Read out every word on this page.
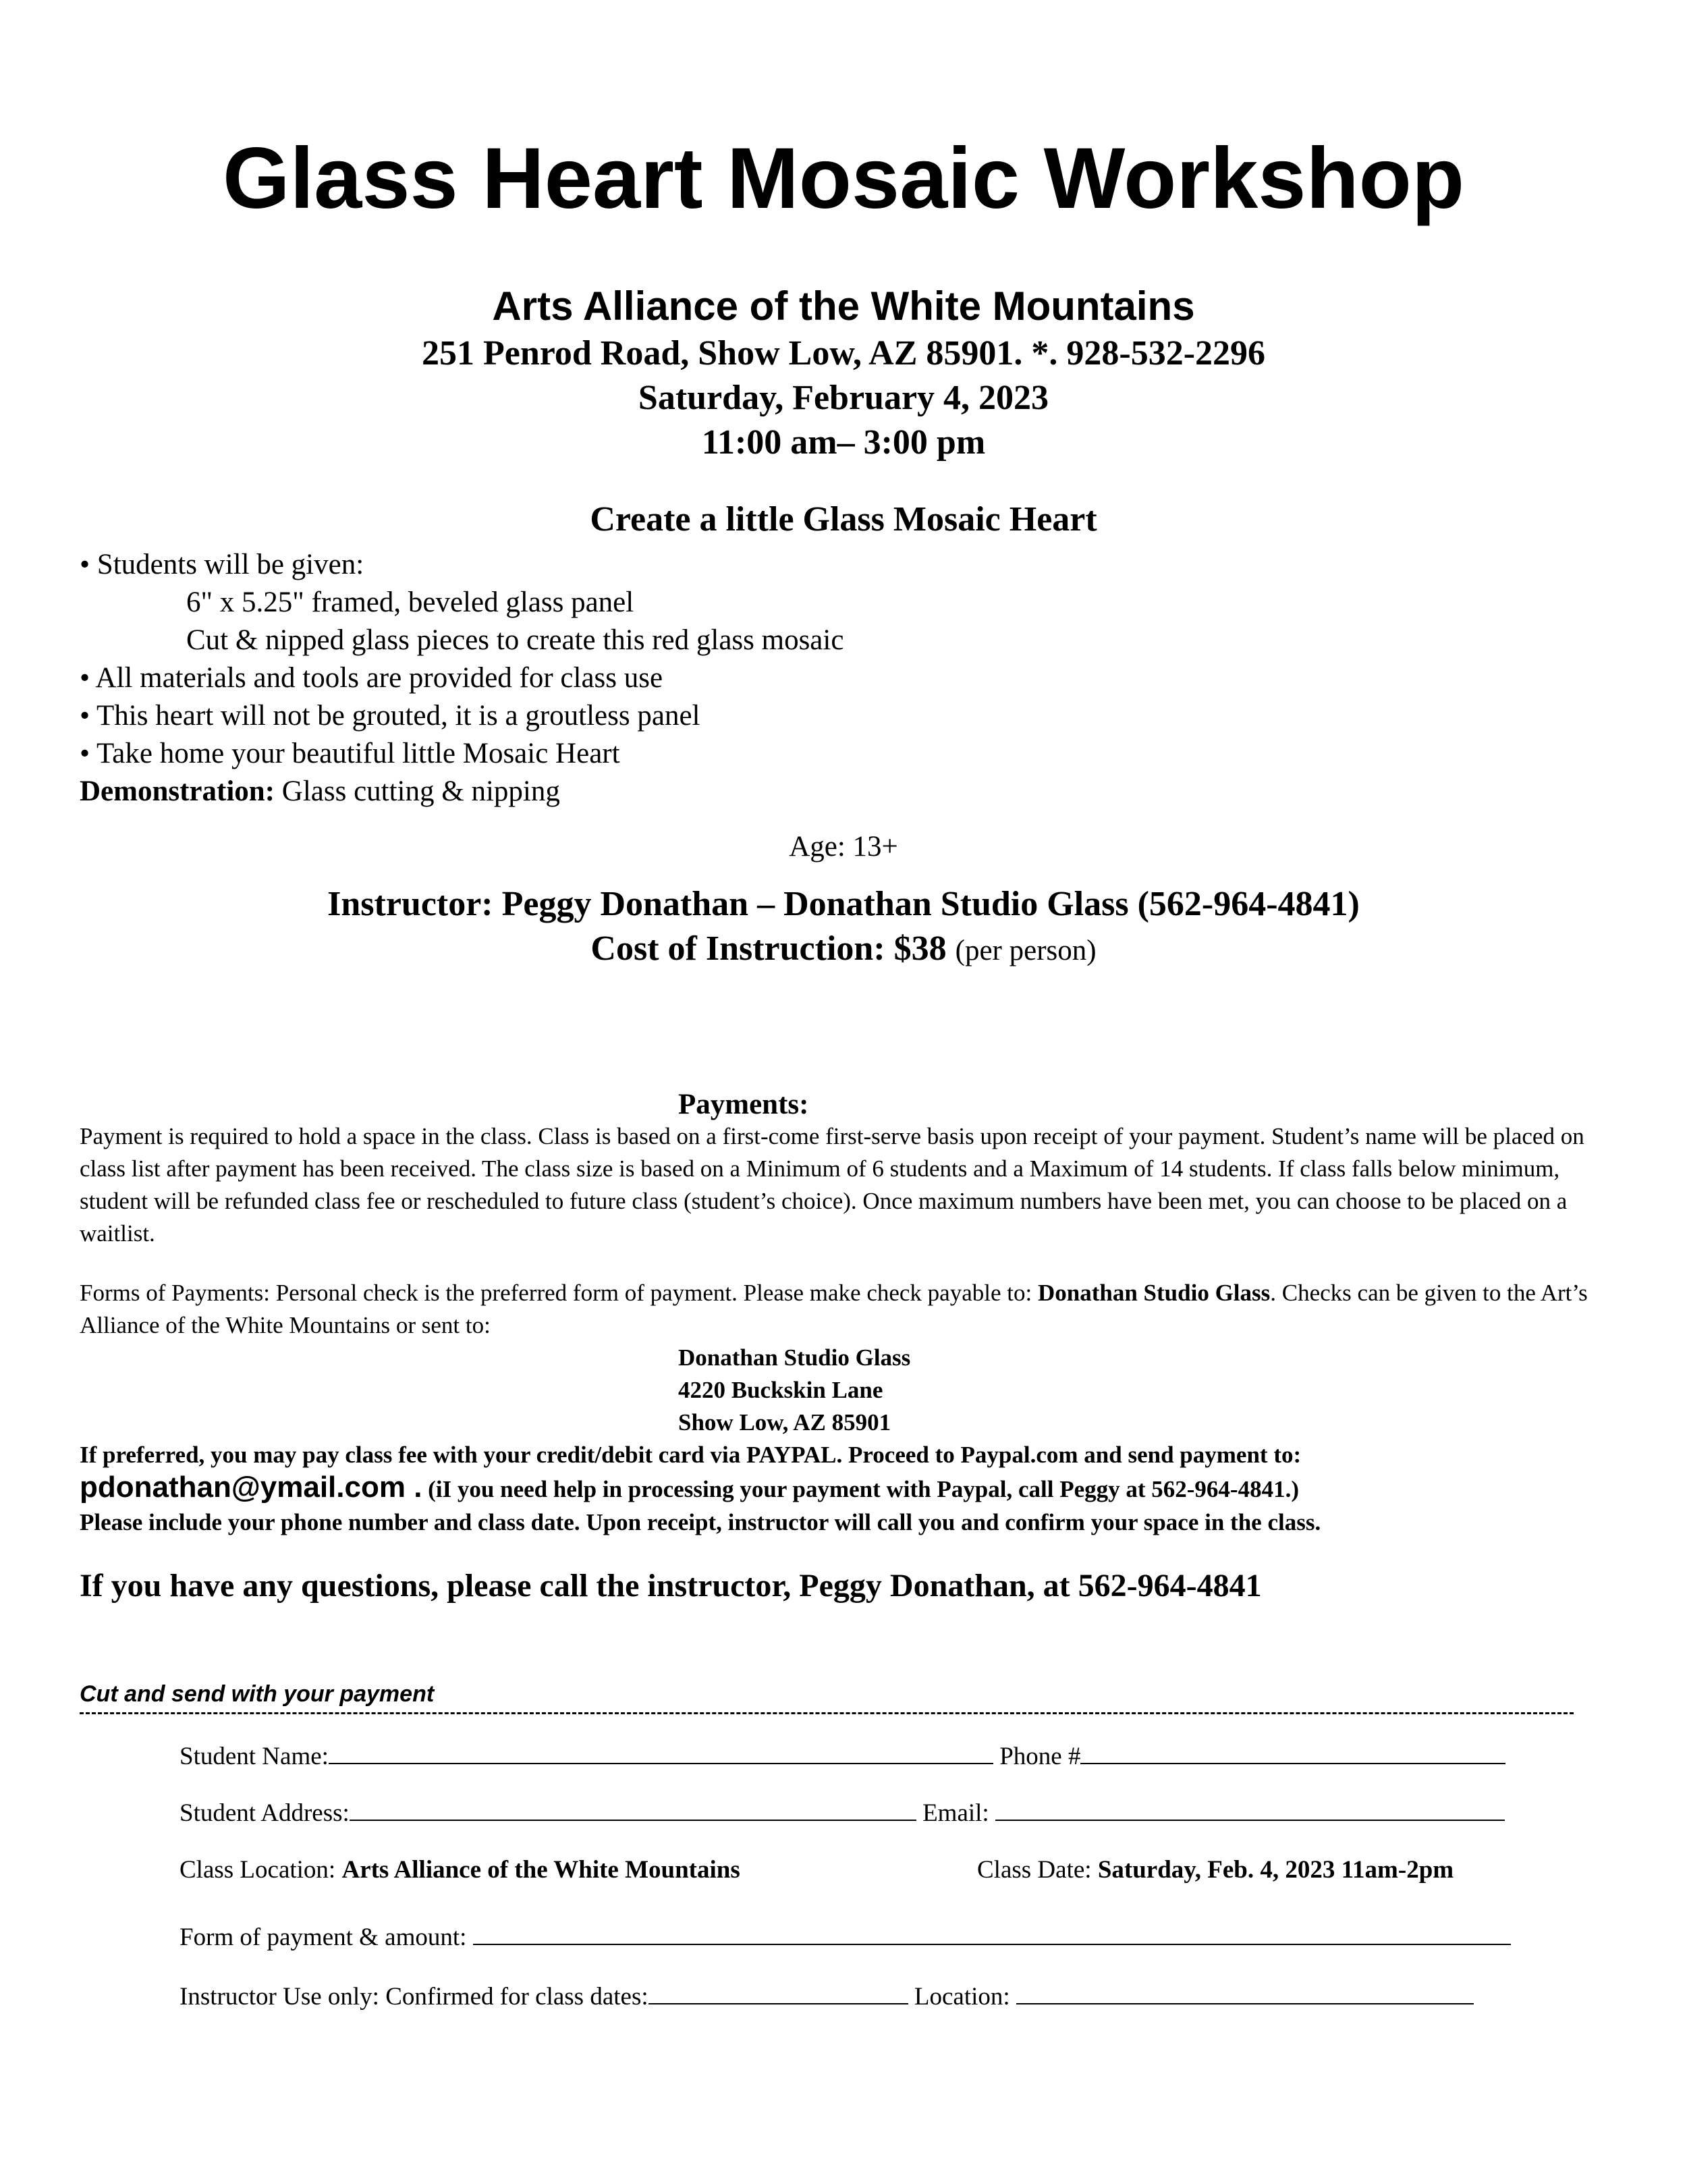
Glass Heart Mosaic Workshop
Arts Alliance of the White Mountains
251 Penrod Road, Show Low, AZ 85901. *. 928-532-2296
Saturday, February 4, 2023
11:00 am– 3:00 pm
Create a little Glass Mosaic Heart
• Students will be given:
6" x 5.25" framed, beveled glass panel
Cut & nipped glass pieces to create this red glass mosaic
• All materials and tools are provided for class use
• This heart will not be grouted, it is a groutless panel
• Take home your beautiful little Mosaic Heart
Demonstration: Glass cutting & nipping
Age: 13+
Instructor: Peggy Donathan – Donathan Studio Glass (562-964-4841)
Cost of Instruction: $38 (per person)
Payments:
Payment is required to hold a space in the class. Class is based on a first-come first-serve basis upon receipt of your payment. Student’s name will be placed on class list after payment has been received. The class size is based on a Minimum of 6 students and a Maximum of 14 students. If class falls below minimum, student will be refunded class fee or rescheduled to future class (student’s choice). Once maximum numbers have been met, you can choose to be placed on a waitlist.
Forms of Payments: Personal check is the preferred form of payment. Please make check payable to: Donathan Studio Glass. Checks can be given to the Art’s Alliance of the White Mountains or sent to:
Donathan Studio Glass
4220 Buckskin Lane
Show Low, AZ 85901
If preferred, you may pay class fee with your credit/debit card via PAYPAL. Proceed to Paypal.com and send payment to:
pdonathan@ymail.com . (iI you need help in processing your payment with Paypal, call Peggy at 562-964-4841.)
Please include your phone number and class date. Upon receipt, instructor will call you and confirm your space in the class.
If you have any questions, please call the instructor, Peggy Donathan, at 562-964-4841
Cut and send with your payment
Student Name:	Phone #
Student Address:	Email:
Class Location: Arts Alliance of the White Mountains	Class Date: Saturday, Feb. 4, 2023 11am-2pm
Form of payment & amount:
Instructor Use only: Confirmed for class dates:	Location:
